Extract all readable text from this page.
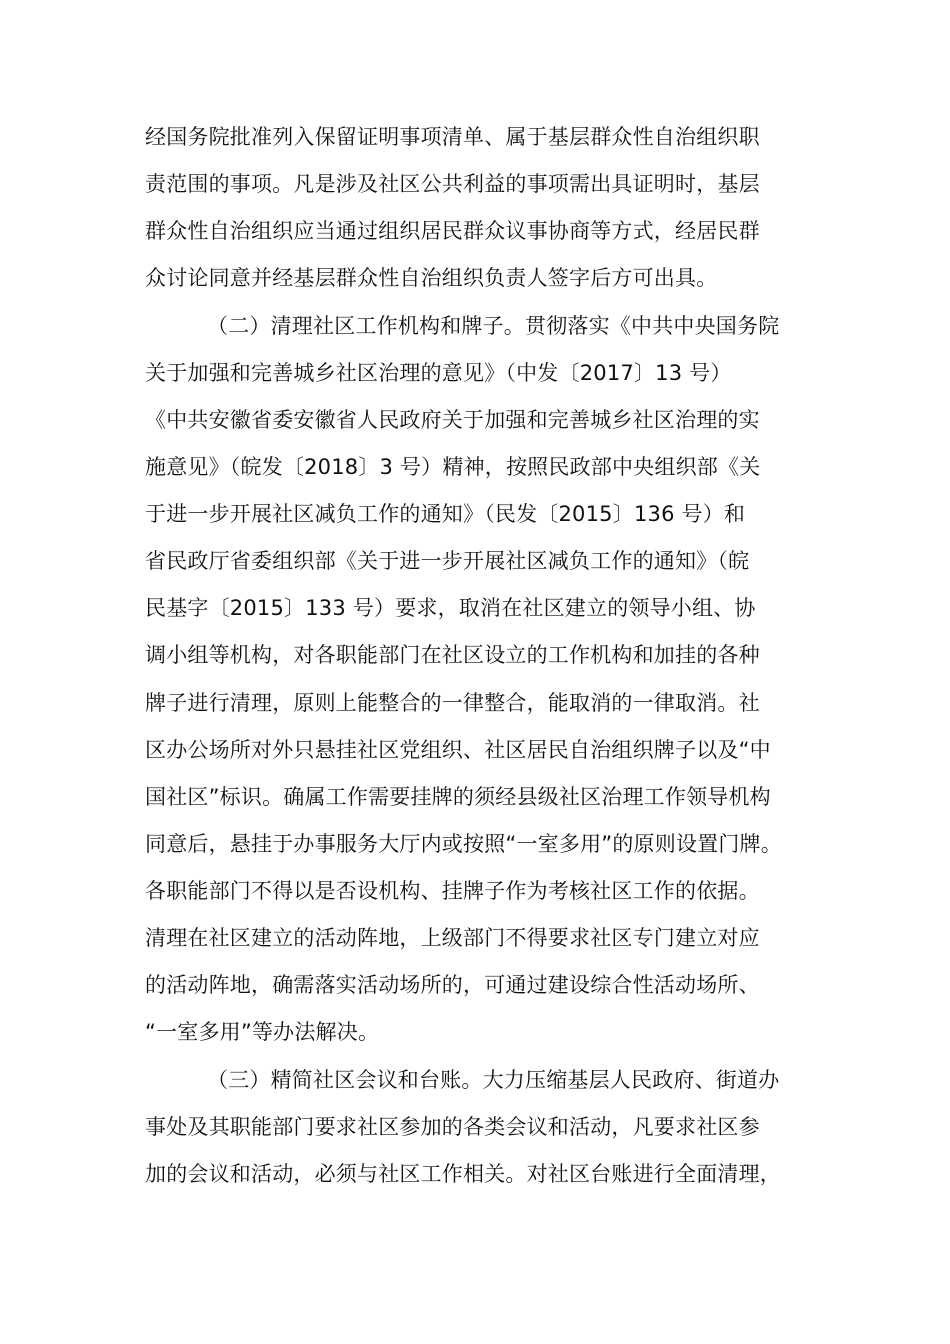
经国务院批准列入保留证明事项清单、属于基层群众性自治组织职
责范围的事项。凡是涉及社区公共利益的事项需出具证明时，基层
群众性自治组织应当通过组织居民群众议事协商等方式，经居民群
众讨论同意并经基层群众性自治组织负责人签字后方可出具。
（二）清理社区工作机构和牌子。贯彻落实《中共中央国务院
关于加强和完善城乡社区治理的意见》（中发〔2017〕13 号）
《中共安徽省委安徽省人民政府关于加强和完善城乡社区治理的实
施意见》（皖发〔2018〕3 号）精神，按照民政部中央组织部《关
于进一步开展社区减负工作的通知》（民发〔2015〕136 号）和
省民政厅省委组织部《关于进一步开展社区减负工作的通知》（皖
民基字〔2015〕133 号）要求，取消在社区建立的领导小组、协
调小组等机构，对各职能部门在社区设立的工作机构和加挂的各种
牌子进行清理，原则上能整合的一律整合，能取消的一律取消。社
区办公场所对外只悬挂社区党组织、社区居民自治组织牌子以及“中
国社区”标识。确属工作需要挂牌的须经县级社区治理工作领导机构
同意后，悬挂于办事服务大厅内或按照“一室多用”的原则设置门牌。
各职能部门不得以是否设机构、挂牌子作为考核社区工作的依据。
清理在社区建立的活动阵地，上级部门不得要求社区专门建立对应
的活动阵地，确需落实活动场所的，可通过建设综合性活动场所、
“一室多用”等办法解决。
（三）精简社区会议和台账。大力压缩基层人民政府、街道办
事处及其职能部门要求社区参加的各类会议和活动，凡要求社区参
加的会议和活动，必须与社区工作相关。对社区台账进行全面清理，
